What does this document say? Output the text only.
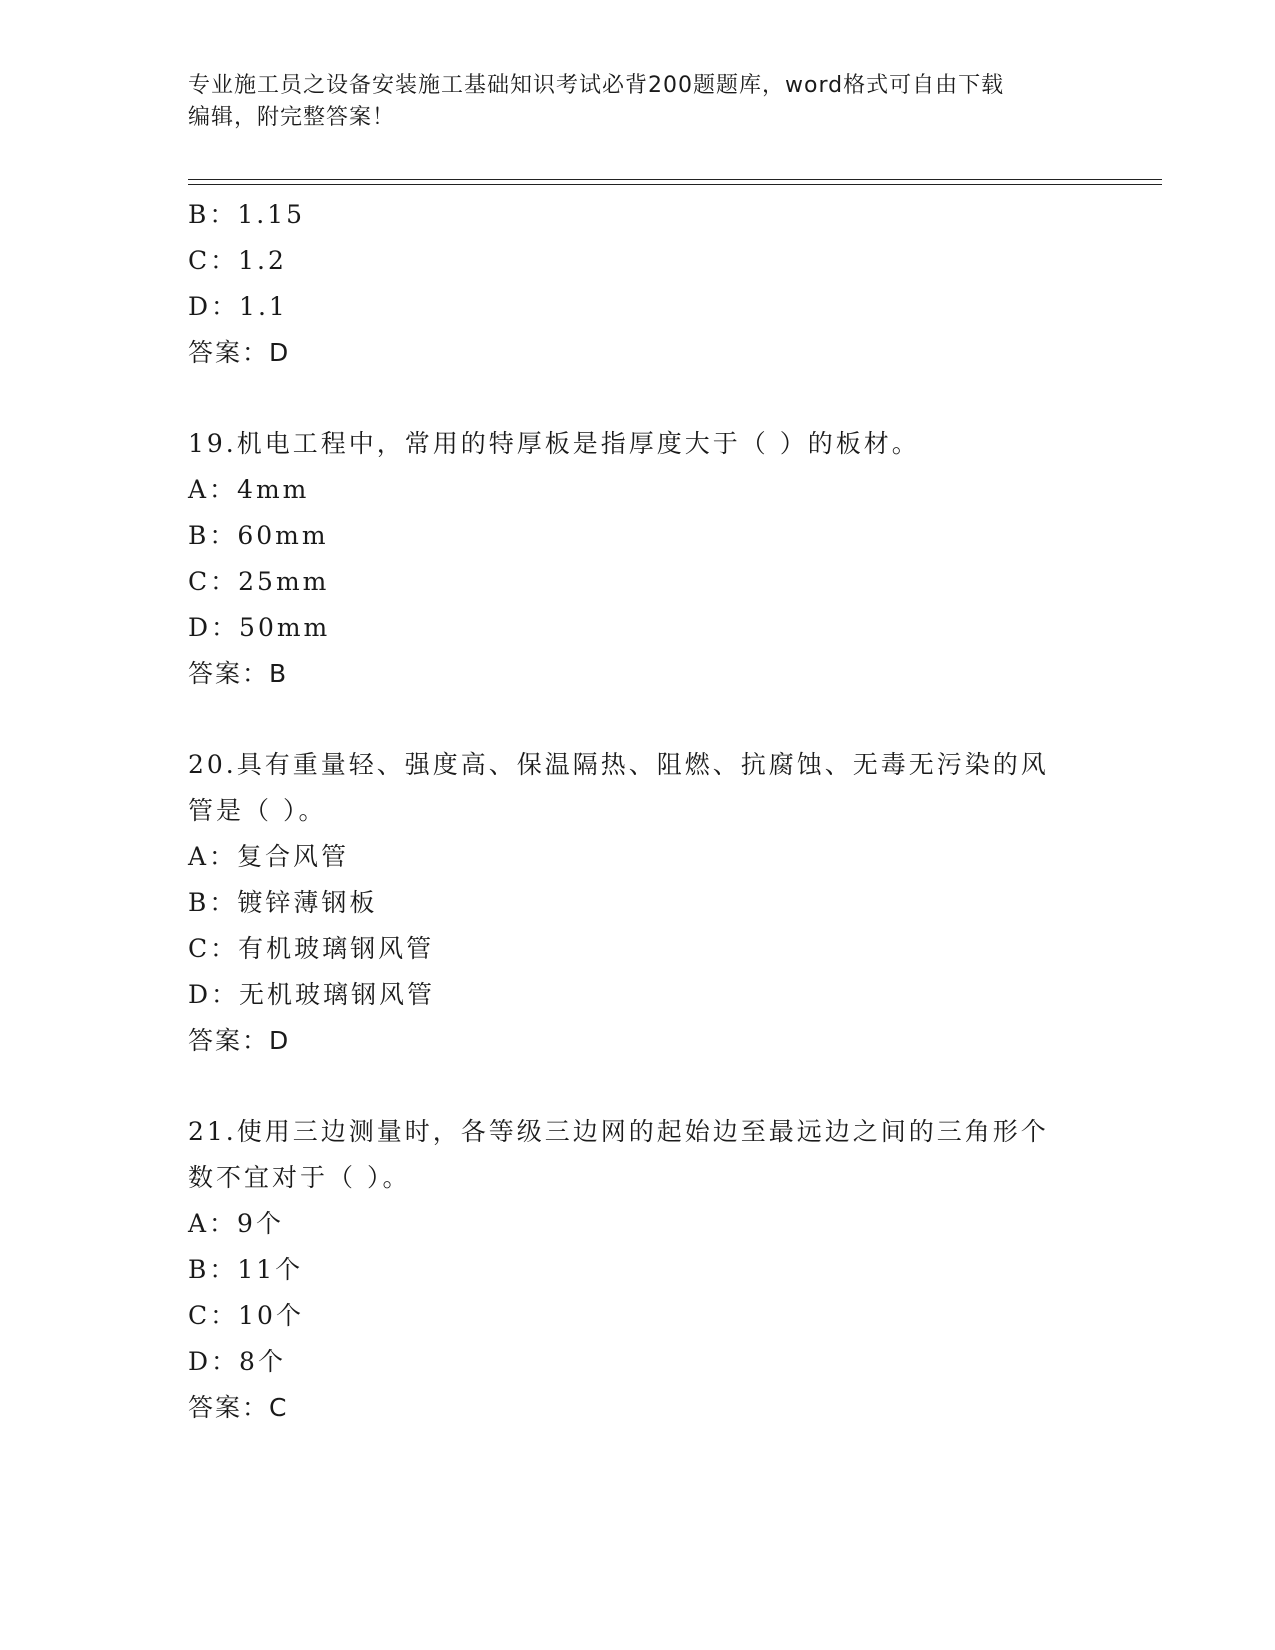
专业施工员之设备安装施工基础知识考试必背200题题库，word格式可自由下载
编辑，附完整答案！
B：1.15
C：1.2
D：1.1
答案：D
19.机电工程中，常用的特厚板是指厚度大于（ ）的板材。
A：4mm
B：60mm
C：25mm
D：50mm
答案：B
20.具有重量轻、强度高、保温隔热、阻燃、抗腐蚀、无毒无污染的风
管是（ ）。
A：复合风管
B：镀锌薄钢板
C：有机玻璃钢风管
D：无机玻璃钢风管
答案：D
21.使用三边测量时，各等级三边网的起始边至最远边之间的三角形个
数不宜对于（ ）。
A：9个
B：11个
C：10个
D：8个
答案：C
